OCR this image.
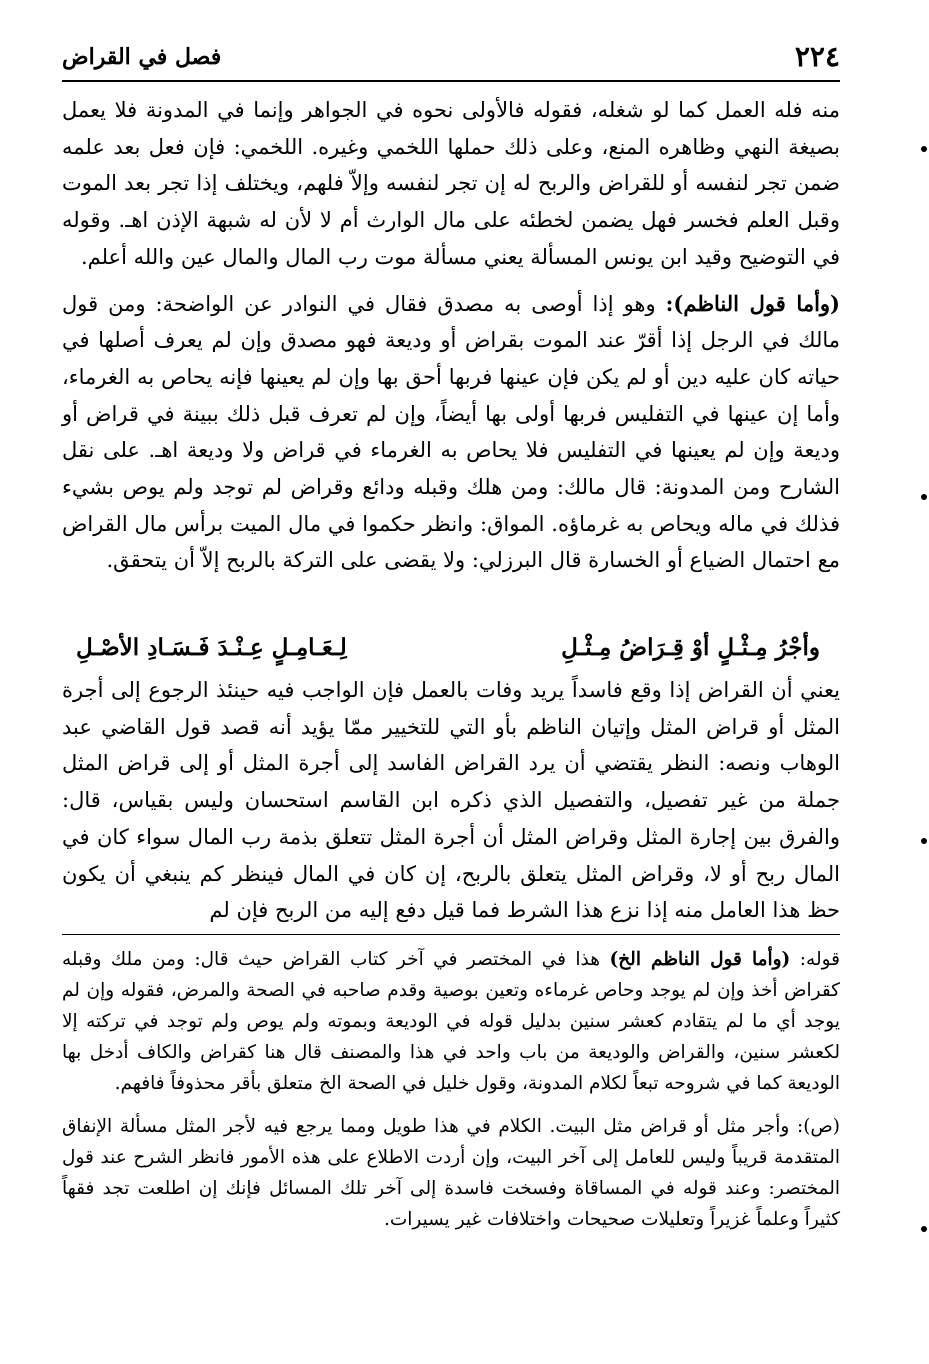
٢٢٤
فصل في القراض

منه فله العمل كما لو شغله، فقوله فالأولى نحوه في الجواهر وإنما في المدونة فلا يعمل بصيغة النهي وظاهره المنع، وعلى ذلك حملها اللخمي وغيره. اللخمي: فإن فعل بعد علمه ضمن تجر لنفسه أو للقراض والربح له إن تجر لنفسه وإلاّ فلهم، ويختلف إذا تجر بعد الموت وقبل العلم فخسر فهل يضمن لخطئه على مال الوارث أم لا لأن له شبهة الإذن اهـ. وقوله في التوضيح وقيد ابن يونس المسألة يعني مسألة موت رب المال والمال عين والله أعلم.

(وأما قول الناظم): وهو إذا أوصى به مصدق فقال في النوادر عن الواضحة: ومن قول مالك في الرجل إذا أقرّ عند الموت بقراض أو وديعة فهو مصدق وإن لم يعرف أصلها في حياته كان عليه دين أو لم يكن فإن عينها فربها أحق بها وإن لم يعينها فإنه يحاص به الغرماء، وأما إن عينها في التفليس فربها أولى بها أيضاً، وإن لم تعرف قبل ذلك ببينة في قراض أو وديعة وإن لم يعينها في التفليس فلا يحاص به الغرماء في قراض ولا وديعة اهـ. على نقل الشارح ومن المدونة: قال مالك: ومن هلك وقبله ودائع وقراض لم توجد ولم يوص بشيء فذلك في ماله ويحاص به غرماؤه. المواق: وانظر حكموا في مال الميت برأس مال القراض مع احتمال الضياع أو الخسارة قال البرزلي: ولا يقضى على التركة بالربح إلاّ أن يتحقق.

وأجْرُ مِـثْـلٍ أوْ قِـرَاضُ مِـثْـلِ
لِـعَـامِـلٍ عِـنْـدَ فَـسَـادِ الأصْـلِ

يعني أن القراض إذا وقع فاسداً يريد وفات بالعمل فإن الواجب فيه حينئذ الرجوع إلى أجرة المثل أو قراض المثل وإتيان الناظم بأو التي للتخيير ممّا يؤيد أنه قصد قول القاضي عبد الوهاب ونصه: النظر يقتضي أن يرد القراض الفاسد إلى أجرة المثل أو إلى قراض المثل جملة من غير تفصيل، والتفصيل الذي ذكره ابن القاسم استحسان وليس بقياس، قال: والفرق بين إجارة المثل وقراض المثل أن أجرة المثل تتعلق بذمة رب المال سواء كان في المال ربح أو لا، وقراض المثل يتعلق بالربح، إن كان في المال فينظر كم ينبغي أن يكون حظ هذا العامل منه إذا نزع هذا الشرط فما قيل دفع إليه من الربح فإن لم

قوله: (وأما قول الناظم الخ) هذا في المختصر في آخر كتاب القراض حيث قال: ومن ملك وقبله كقراض أخذ وإن لم يوجد وحاص غرماءه وتعين بوصية وقدم صاحبه في الصحة والمرض، فقوله وإن لم يوجد أي ما لم يتقادم كعشر سنين بدليل قوله في الوديعة وبموته ولم يوص ولم توجد في تركته إلا لكعشر سنين، والقراض والوديعة من باب واحد في هذا والمصنف قال هنا كقراض والكاف أدخل بها الوديعة كما في شروحه تبعاً لكلام المدونة، وقول خليل في الصحة الخ متعلق بأقر محذوفاً فافهم.

(ص): وأجر مثل أو قراض مثل البيت. الكلام في هذا طويل ومما يرجع فيه لأجر المثل مسألة الإنفاق المتقدمة قريباً وليس للعامل إلى آخر البيت، وإن أردت الاطلاع على هذه الأمور فانظر الشرح عند قول المختصر: وعند قوله في المساقاة وفسخت فاسدة إلى آخر تلك المسائل فإنك إن اطلعت تجد فقهاً كثيراً وعلماً غزيراً وتعليلات صحيحات واختلافات غير يسيرات.
